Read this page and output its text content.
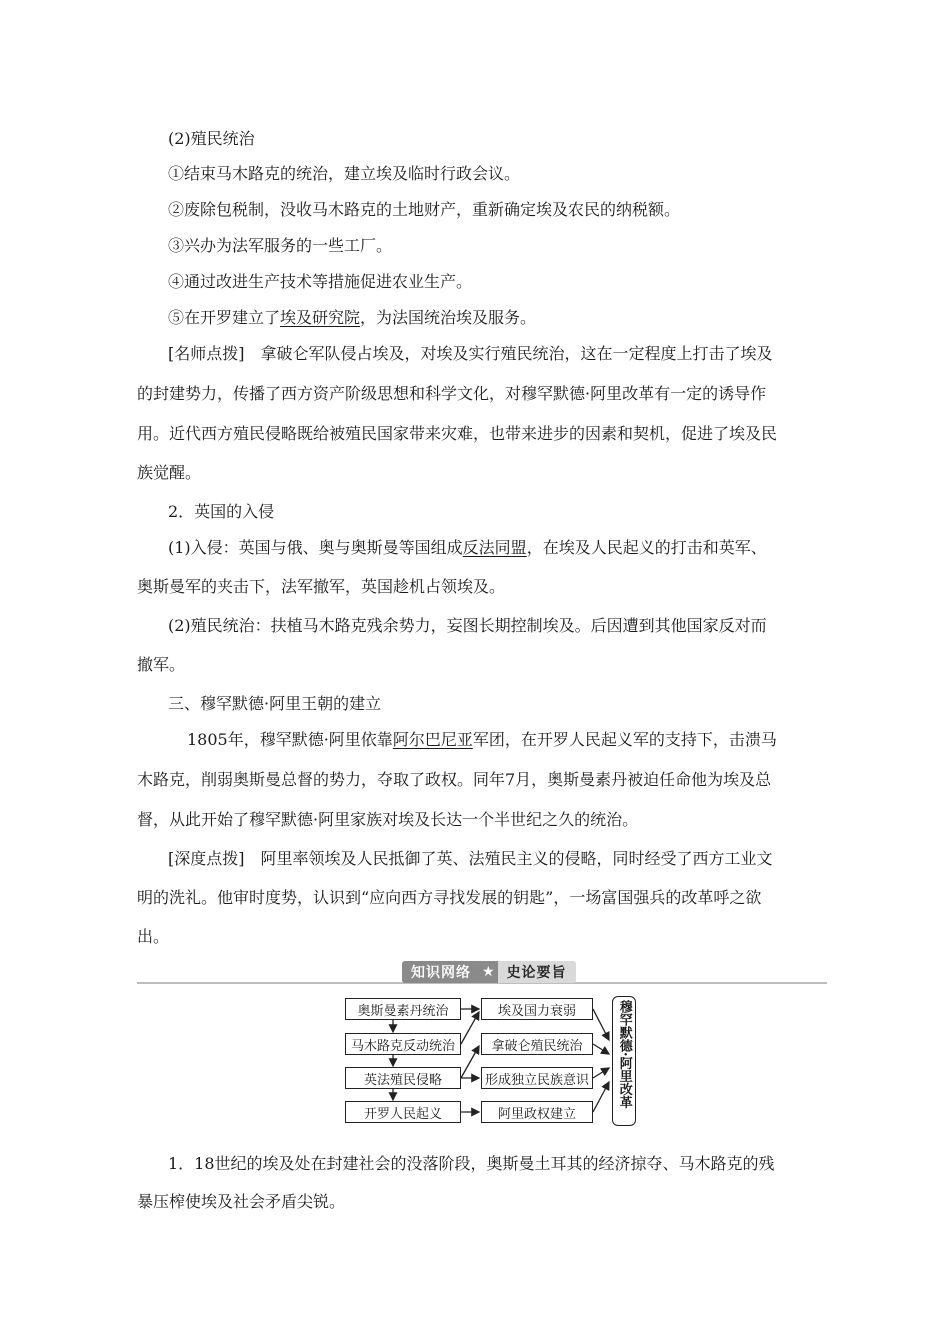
(2)殖民统治
①结束马木路克的统治，建立埃及临时行政会议。
②废除包税制，没收马木路克的土地财产，重新确定埃及农民的纳税额。
③兴办为法军服务的一些工厂。
④通过改进生产技术等措施促进农业生产。
⑤在开罗建立了埃及研究院，为法国统治埃及服务。
[名师点拨]　拿破仑军队侵占埃及，对埃及实行殖民统治，这在一定程度上打击了埃及
的封建势力，传播了西方资产阶级思想和科学文化，对穆罕默德·阿里改革有一定的诱导作
用。近代西方殖民侵略既给被殖民国家带来灾难，也带来进步的因素和契机，促进了埃及民
族觉醒。
2．英国的入侵
(1)入侵：英国与俄、奥与奥斯曼等国组成反法同盟，在埃及人民起义的打击和英军、
奥斯曼军的夹击下，法军撤军，英国趁机占领埃及。
(2)殖民统治：扶植马木路克残余势力，妄图长期控制埃及。后因遭到其他国家反对而
撤军。
三、穆罕默德·阿里王朝的建立
1805年，穆罕默德·阿里依靠阿尔巴尼亚军团，在开罗人民起义军的支持下，击溃马
木路克，削弱奥斯曼总督的势力，夺取了政权。同年7月，奥斯曼素丹被迫任命他为埃及总
督，从此开始了穆罕默德·阿里家族对埃及长达一个半世纪之久的统治。
[深度点拨]　阿里率领埃及人民抵御了英、法殖民主义的侵略，同时经受了西方工业文
明的洗礼。他审时度势，认识到“应向西方寻找发展的钥匙”，一场富国强兵的改革呼之欲
出。
1．18世纪的埃及处在封建社会的没落阶段，奥斯曼土耳其的经济掠夺、马木路克的残
暴压榨使埃及社会矛盾尖锐。
知识网络 ★ 史论要旨
奥斯曼素丹统治
马木路克反动统治
英法殖民侵略
开罗人民起义
埃及国力衰弱
拿破仑殖民统治
形成独立民族意识
阿里政权建立
穆罕默德·阿里改革
